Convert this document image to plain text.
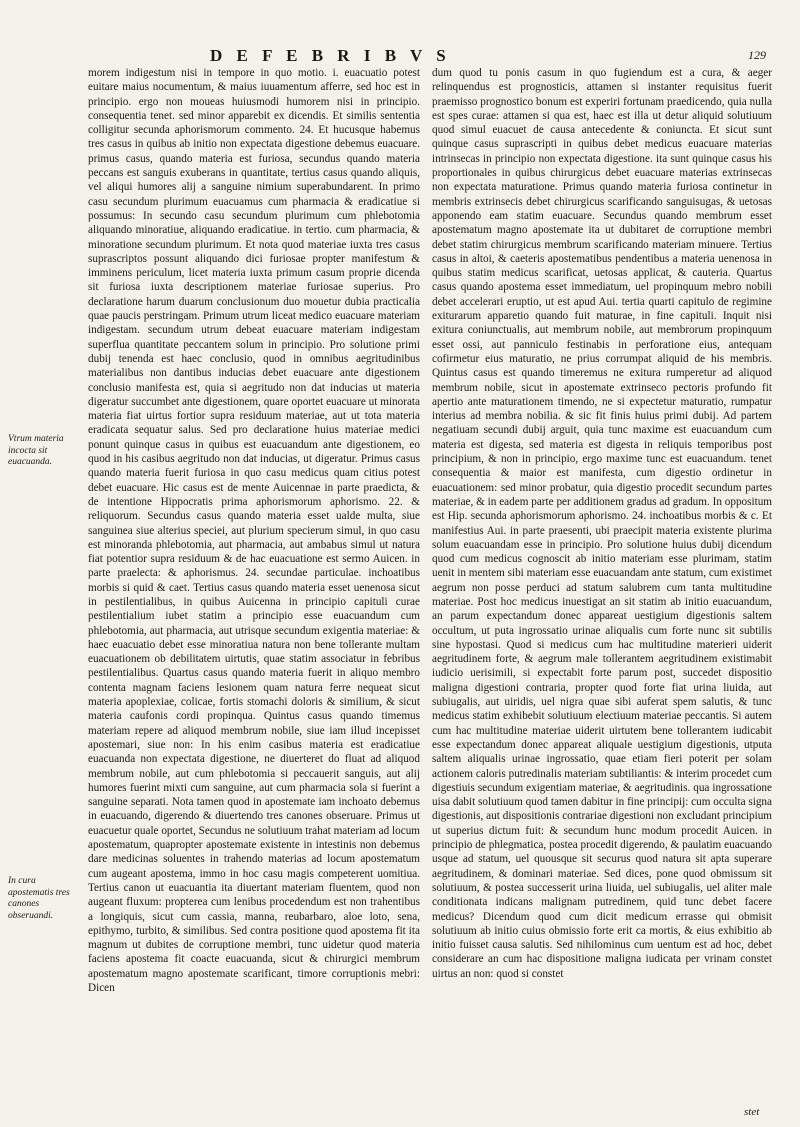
D E F E B R I B V S	129
Vtrum materia incocta sit euacuanda.
In cura apostematis tres canones obseruandi.

morem indigestum nisi in tempore in quo motio. i. euacuatio potest euitare maius nocumentum, & maius iuuamentum afferre, sed hoc est in principio. ergo non moueas huiusmodi humorem nisi in principio. consequentia tenet. sed minor apparebit ex dicendis. Et similis sententia colligitur secunda aphorismorum commento. 24. Et hucusque habemus tres casus in quibus ab initio non expectata digestione debemus euacuare. primus casus, quando materia est furiosa, secundus quando materia peccans est sanguis exuberans in quantitate, tertius casus quando aliquis, vel aliqui humores alij a sanguine nimium superabundarent. In primo casu secundum plurimum euacuamus cum pharmacia & eradicatiue si possumus: In secundo casu secundum plurimum cum phlebotomia aliquando minoratiue, aliquando eradicatiue. in tertio. cum pharmacia, & minoratione secundum plurimum. Et nota quod materiae iuxta tres casus suprascriptos possunt aliquando dici furiosae propter manifestum & imminens periculum, licet materia iuxta primum casum proprie dicenda sit furiosa iuxta descriptionem materiae furiosae superius. Pro declaratione harum duarum conclusionum duo mouetur dubia practicalia quae paucis perstringam. Primum utrum liceat medico euacuare materiam indigestam. secundum utrum debeat euacuare materiam indigestam superflua quantitate peccantem solum in principio. Pro solutione primi dubij tenenda est haec conclusio, quod in omnibus aegritudinibus materialibus non dantibus inducias debet euacuare ante digestionem conclusio manifesta est, quia si aegritudo non dat inducias ut materia digeratur succumbet ante digestionem, quare oportet euacuare ut minorata materia fiat uirtus fortior supra residuum materiae, aut ut tota materia eradicata sequatur salus. Sed pro declaratione huius materiae medici ponunt quinque casus in quibus est euacuandum ante digestionem, eo quod in his casibus aegritudo non dat inducias, ut digeratur. Primus casus quando materia fuerit furiosa in quo casu medicus quam citius potest debet euacuare. Hic casus est de mente Auicennae in parte praedicta, & de intentione Hippocratis prima aphorismorum aphorismo. 22. & reliquorum. Secundus casus quando materia esset ualde multa, siue sanguinea siue alterius speciei, aut plurium specierum simul, in quo casu est minoranda phlebotomia, aut pharmacia, aut ambabus simul ut natura fiat potentior supra residuum & de hac euacuatione est sermo Auicen. in parte praelecta: & aphorismus. 24. secundae particulae. inchoatibus morbis si quid & caet. Tertius casus quando materia esset uenenosa sicut in pestilentialibus, in quibus Auicenna in principio capituli curae pestilentialium iubet statim a principio esse euacuandum cum phlebotomia, aut pharmacia, aut utrisque secundum exigentia materiae: & haec euacuatio debet esse minoratiua natura non bene tollerante multam euacuationem ob debilitatem uirtutis, quae statim associatur in febribus pestilentialibus. Quartus casus quando materia fuerit in aliquo membro contenta magnam faciens lesionem quam natura ferre nequeat sicut materia apoplexiae, colicae, fortis stomachi doloris & similium, & sicut materia caufonis cordi propinqua. Quintus casus quando timemus materiam repere ad aliquod membrum nobile, siue iam illud incepisset apostemari, siue non: In his enim casibus materia est eradicatiue euacuanda non expectata digestione, ne diuerteret do fluat ad aliquod membrum nobile, aut cum phlebotomia si peccauerit sanguis, aut alij humores fuerint mixti cum sanguine, aut cum pharmacia sola si fuerint a sanguine separati. Nota tamen quod in apostemate iam inchoato debemus in euacuando, digerendo & diuertendo tres canones obseruare. Primus ut euacuetur quale oportet, Secundus ne solutiuum trahat materiam ad locum apostematum, quapropter apostemate existente in intestinis non debemus dare medicinas soluentes in trahendo materias ad locum apostematum cum augeant apostema, immo in hoc casu magis competerent uomitiua. Tertius canon ut euacuantia ita diuertant materiam fluentem, quod non augeant fluxum: propterea cum lenibus procedendum est non trahentibus a longiquis, sicut cum cassia, manna, reubarbaro, aloe loto, sena, epithymo, turbito, & similibus. Sed contra positione quod apostema fit ita magnum ut dubites de corruptione membri, tunc uidetur quod materia faciens apostema fit coacte euacuanda, sicut & chirurgici membrum apostematum magno apostemate scarificant, timore corruptionis mebri: Dicen

dum quod tu ponis casum in quo fugiendum est a cura, & aeger relinquendus est prognosticis, attamen si instanter requisitus fuerit praemisso prognostico bonum est experiri fortunam praedicendo, quia nulla est spes curae: attamen si qua est, haec est illa ut detur aliquid solutiuum quod simul euacuet de causa antecedente & coniuncta. Et sicut sunt quinque casus suprascripti in quibus debet medicus euacuare materias intrinsecas in principio non expectata digestione. ita sunt quinque casus his proportionales in quibus chirurgicus debet euacuare materias extrinsecas non expectata maturatione. Primus quando materia furiosa continetur in membris extrinsecis debet chirurgicus scarificando sanguisugas, & uetosas apponendo eam statim euacuare. Secundus quando membrum esset apostematum magno apostemate ita ut dubitaret de corruptione membri debet statim chirurgicus membrum scarificando materiam minuere. Tertius casus in altoi, & caeteris apostematibus pendentibus a materia uenenosa in quibus statim medicus scarificat, uetosas applicat, & cauteria. Quartus casus quando apostema esset immediatum, uel propinquum mebro nobili debet accelerari eruptio, ut est apud Aui. tertia quarti capitulo de regimine exiturarum apparetio quando fuit maturae, in fine capituli. Inquit nisi exitura coniunctualis, aut membrum nobile, aut membrorum propinquum esset ossi, aut panniculo festinabis in perforatione eius, antequam cofirmetur eius maturatio, ne prius corrumpat aliquid de his membris. Quintus casus est quando timeremus ne exitura rumperetur ad aliquod membrum nobile, sicut in apostemate extrinseco pectoris profundo fit apertio ante maturationem timendo, ne si expectetur maturatio, rumpatur interius ad membra nobilia. & sic fit finis huius primi dubij. Ad partem negatiuam secundi dubij arguit, quia tunc maxime est euacuandum cum materia est digesta, sed materia est digesta in reliquis temporibus post principium, & non in principio, ergo maxime tunc est euacuandum. tenet consequentia & maior est manifesta, cum digestio ordinetur in euacuationem: sed minor probatur, quia digestio procedit secundum partes materiae, & in eadem parte per additionem gradus ad gradum. In oppositum est Hip. secunda aphorismorum aphorismo. 24. inchoatibus morbis & c. Et manifestius Aui. in parte praesenti, ubi praecipit materia existente plurima solum euacuandam esse in principio. Pro solutione huius dubij dicendum quod cum medicus cognoscit ab initio materiam esse plurimam, statim uenit in mentem sibi materiam esse euacuandam ante statum, cum existimet aegrum non posse perduci ad statum salubrem cum tanta multitudine materiae. Post hoc medicus inuestigat an sit statim ab initio euacuandum, an parum expectandum donec appareat uestigium digestionis saltem occultum, ut puta ingrossatio urinae aliqualis cum forte nunc sit subtilis sine hypostasi. Quod si medicus cum hac multitudine materieri uiderit aegritudinem forte, & aegrum male tollerantem aegritudinem existimabit iudicio uerisimili, si expectabit forte parum post, succedet dispositio maligna digestioni contraria, propter quod forte fiat urina liuida, aut subiugalis, aut uiridis, uel nigra quae sibi auferat spem salutis, & tunc medicus statim exhibebit solutiuum electiuum materiae peccantis. Si autem cum hac multitudine materiae uiderit uirtutem bene tollerantem iudicabit esse expectandum donec appareat aliquale uestigium digestionis, utputa saltem aliqualis urinae ingrossatio, quae etiam fieri poterit per solam actionem caloris putredinalis materiam subtiliantis: & interim procedet cum digestiuis secundum exigentiam materiae, & aegritudinis. qua ingrossatione uisa dabit solutiuum quod tamen dabitur in fine principij: cum occulta signa digestionis, aut dispositionis contrariae digestioni non excludant principium ut superius dictum fuit: & secundum hunc modum procedit Auicen. in principio de phlegmatica, postea procedit digerendo, & paulatim euacuando usque ad statum, uel quousque sit securus quod natura sit apta superare aegritudinem, & dominari materiae. Sed dices, pone quod obmissum sit solutiuum, & postea successerit urina liuida, uel subiugalis, uel aliter male conditionata indicans malignam putredinem, quid tunc debet facere medicus? Dicendum quod cum dicit medicum errasse qui obmisit solutiuum ab initio cuius obmissio forte erit ca mortis, & eius exhibitio ab initio fuisset causa salutis. Sed nihilominus cum uentum est ad hoc, debet considerare an cum hac dispositione maligna iudicata per vrinam constet uirtus an non: quod si constet

stet
